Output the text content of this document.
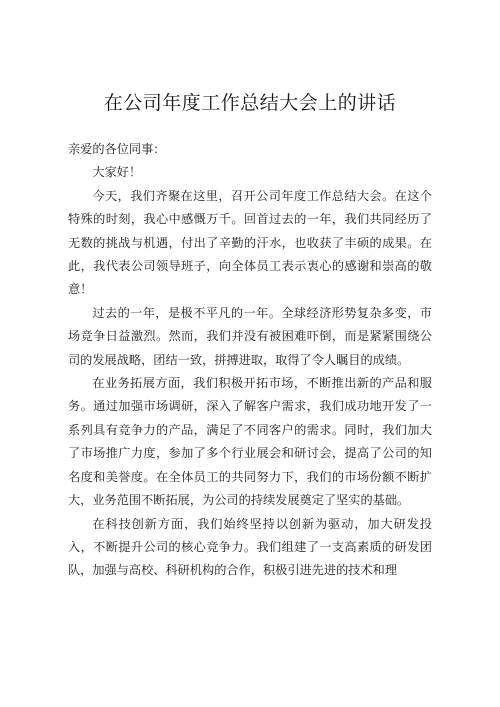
在公司年度工作总结大会上的讲话

亲爱的各位同事：

大家好！

今天，我们齐聚在这里，召开公司年度工作总结大会。在这个特殊的时刻，我心中感慨万千。回首过去的一年，我们共同经历了无数的挑战与机遇，付出了辛勤的汗水，也收获了丰硕的成果。在此，我代表公司领导班子，向全体员工表示衷心的感谢和崇高的敬意！

过去的一年，是极不平凡的一年。全球经济形势复杂多变，市场竞争日益激烈。然而，我们并没有被困难吓倒，而是紧紧围绕公司的发展战略，团结一致，拼搏进取，取得了令人瞩目的成绩。

在业务拓展方面，我们积极开拓市场，不断推出新的产品和服务。通过加强市场调研，深入了解客户需求，我们成功地开发了一系列具有竞争力的产品，满足了不同客户的需求。同时，我们加大了市场推广力度，参加了多个行业展会和研讨会，提高了公司的知名度和美誉度。在全体员工的共同努力下，我们的市场份额不断扩大，业务范围不断拓展，为公司的持续发展奠定了坚实的基础。

在科技创新方面，我们始终坚持以创新为驱动，加大研发投入，不断提升公司的核心竞争力。我们组建了一支高素质的研发团队，加强与高校、科研机构的合作，积极引进先进的技术和理
